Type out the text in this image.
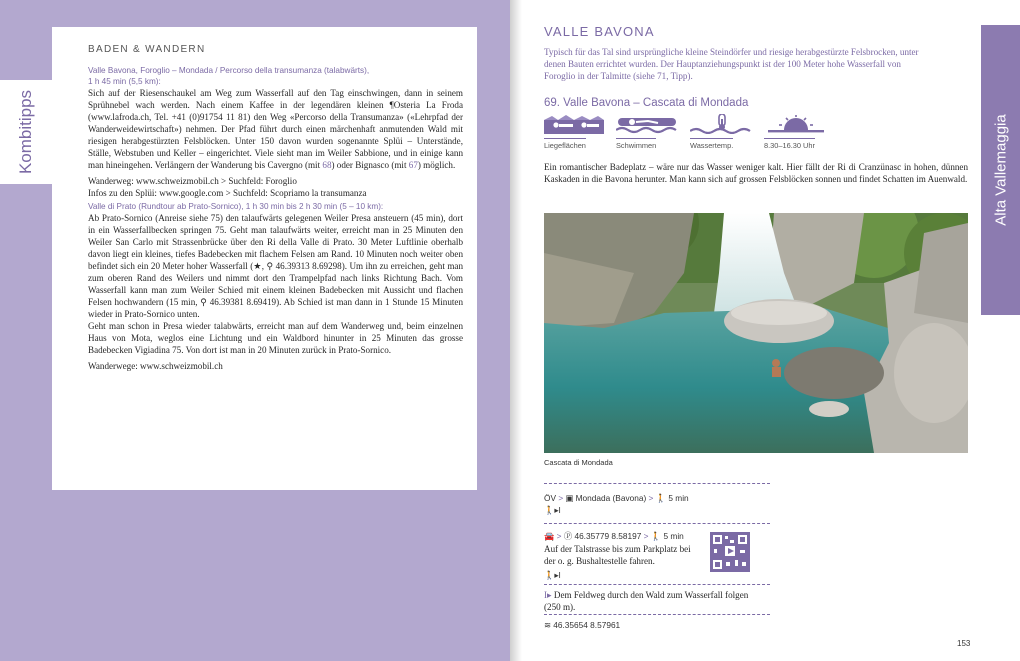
Kombitipps
BADEN & WANDERN
Valle Bavona, Foroglio – Mondada / Percorso della transumanza (talabwärts),
1 h 45 min (5,5 km):

Sich auf der Riesenschaukel am Weg zum Wasserfall auf den Tag einschwingen, dann in seinem Sprühnebel wach werden. Nach einem Kaffee in der legendären kleinen ¶Osteria La Froda (www.lafroda.ch, Tel. +41 (0)91754 11 81) den Weg «Percorso della Transumanza» («Lehrpfad der Wanderweidewirtschaft») nehmen. Der Pfad führt durch einen märchenhaft anmutenden Wald mit riesigen herabgestürzten Felsblöcken. Unter 150 davon wurden sogenannte Splüi – Unterstände, Ställe, Webstuben und Keller – eingerichtet. Viele sieht man im Weiler Sabbione, und in einige kann man hineingehen. Verlängern der Wanderung bis Cavergno (mit 68) oder Bignasco (mit 67) möglich.

Wanderweg: www.schweizmobil.ch > Suchfeld: Foroglio

Infos zu den Splüi: www.google.com > Suchfeld: Scopriamo la transumanza

Valle di Prato (Rundtour ab Prato-Sornico), 1 h 30 min bis 2 h 30 min (5 – 10 km):

Ab Prato-Sornico (Anreise siehe 75) den talaufwärts gelegenen Weiler Presa ansteuern (45 min), dort in ein Wasserfallbecken springen 75. Geht man talaufwärts weiter, erreicht man in 25 Minuten den Weiler San Carlo mit Strassenbrücke über den Ri della Valle di Prato. 30 Meter Luftlinie oberhalb davon liegt ein kleines, tiefes Badebecken mit flachem Felsen am Rand. 10 Minuten noch weiter oben befindet sich ein 20 Meter hoher Wasserfall (★, ⚲ 46.39313 8.69298). Um ihn zu erreichen, geht man zum oberen Rand des Weilers und nimmt dort den Trampelpfad nach links Richtung Bach. Vom Wasserfall kann man zum Weiler Schied mit einem kleinen Badebecken mit Aussicht und flachen Felsen hochwandern (15 min, ⚲ 46.39381 8.69419). Ab Schied ist man dann in 1 Stunde 15 Minuten wieder in Prato-Sornico unten.

Geht man schon in Presa wieder talabwärts, erreicht man auf dem Wanderweg und, beim einzelnen Haus von Mota, weglos eine Lichtung und ein Waldbord hinunter in 25 Minuten das grosse Badebecken Vigiadina 75. Von dort ist man in 20 Minuten zurück in Prato-Sornico.

Wanderwege: www.schweizmobil.ch

Alta Vallemaggia
VALLE BAVONA

Typisch für das Tal sind ursprüngliche kleine Steindörfer und riesige herabgestürzte Felsbrocken, unter denen Bauten errichtet wurden. Der Hauptanziehungspunkt ist der 100 Meter hohe Wasserfall von Foroglio in der Talmitte (siehe 71, Tipp).

69. Valle Bavona – Cascata di Mondada
Liegeflächen	Schwimmen	Wassertemp.	8.30–16.30 Uhr

Ein romantischer Badeplatz – wäre nur das Wasser weniger kalt. Hier fällt der Ri di Cranzünasc in hohen, dünnen Kaskaden in die Bavona herunter. Man kann sich auf grossen Felsblöcken sonnen und findet Schatten im Auenwald.

Cascata di Mondada
ÖV > ▣ Mondada (Bavona) > 🚶 5 min
🚶▸I
🚘 > Ⓟ 46.35779 8.58197 > 🚶 5 min

Auf der Talstrasse bis zum Parkplatz bei der o. g. Bushaltestelle fahren.

🚶▸I

I▸ Dem Feldweg durch den Wald zum Wasserfall folgen (250 m).

≋ 46.35654 8.57961
153
